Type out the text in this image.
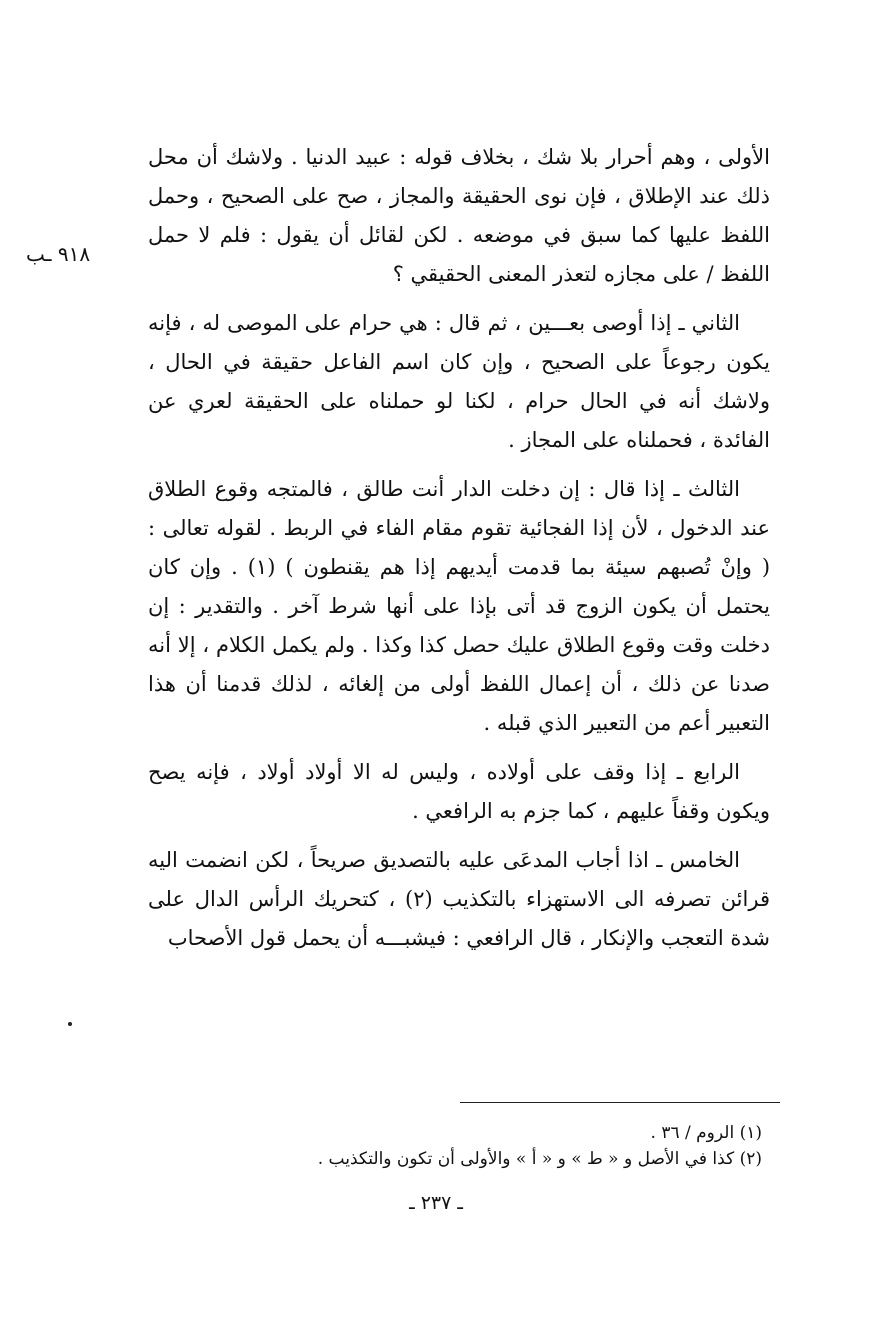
٩١٨ ـب

الأولى ، وهم أحرار بلا شك ، بخلاف قوله : عبيد الدنيا . ولاشك أن محل ذلك عند الإطلاق ، فإن نوى الحقيقة والمجاز ، صح على الصحيح ، وحمل اللفظ عليها كما سبق في موضعه . لكن لقائل أن يقول : فلم لا حمل اللفظ / على مجازه لتعذر المعنى الحقيقي ؟

الثاني ـ إذا أوصى بعـــين ، ثم قال : هي حرام على الموصى له ، فإنه يكون رجوعاً على الصحيح ، وإن كان اسم الفاعل حقيقة في الحال ، ولاشك أنه في الحال حرام ، لكنا لو حملناه على الحقيقة لعري عن الفائدة ، فحملناه على المجاز .

الثالث ـ إذا قال : إن دخلت الدار أنت طالق ، فالمتجه وقوع الطلاق عند الدخول ، لأن إذا الفجائية تقوم مقام الفاء في الربط . لقوله تعالى : ( وإنْ تُصبهم سيئة بما قدمت أيديهم إذا هم يقنطون ) (١) . وإن كان يحتمل أن يكون الزوج قد أتى بإذا على أنها شرط آخر . والتقدير : إن دخلت وقت وقوع الطلاق عليك حصل كذا وكذا . ولم يكمل الكلام ، إلا أنه صدنا عن ذلك ، أن إعمال اللفظ أولى من إلغائه ، لذلك قدمنا أن هذا التعبير أعم من التعبير الذي قبله .

الرابع ـ إذا وقف على أولاده ، وليس له الا أولاد أولاد ، فإنه يصح ويكون وقفاً عليهم ، كما جزم به الرافعي .

الخامس ـ اذا أجاب المدعَى عليه بالتصديق صريحاً ، لكن انضمت اليه قرائن تصرفه الى الاستهزاء بالتكذيب (٢) ، كتحريك الرأس الدال على شدة التعجب والإنكار ، قال الرافعي : فيشبـــه أن يحمل قول الأصحاب

(١) الروم / ٣٦ .

(٢) كذا في الأصل و « ط » و « أ » والأولى أن تكون والتكذيب .

ـ ٢٣٧ ـ
